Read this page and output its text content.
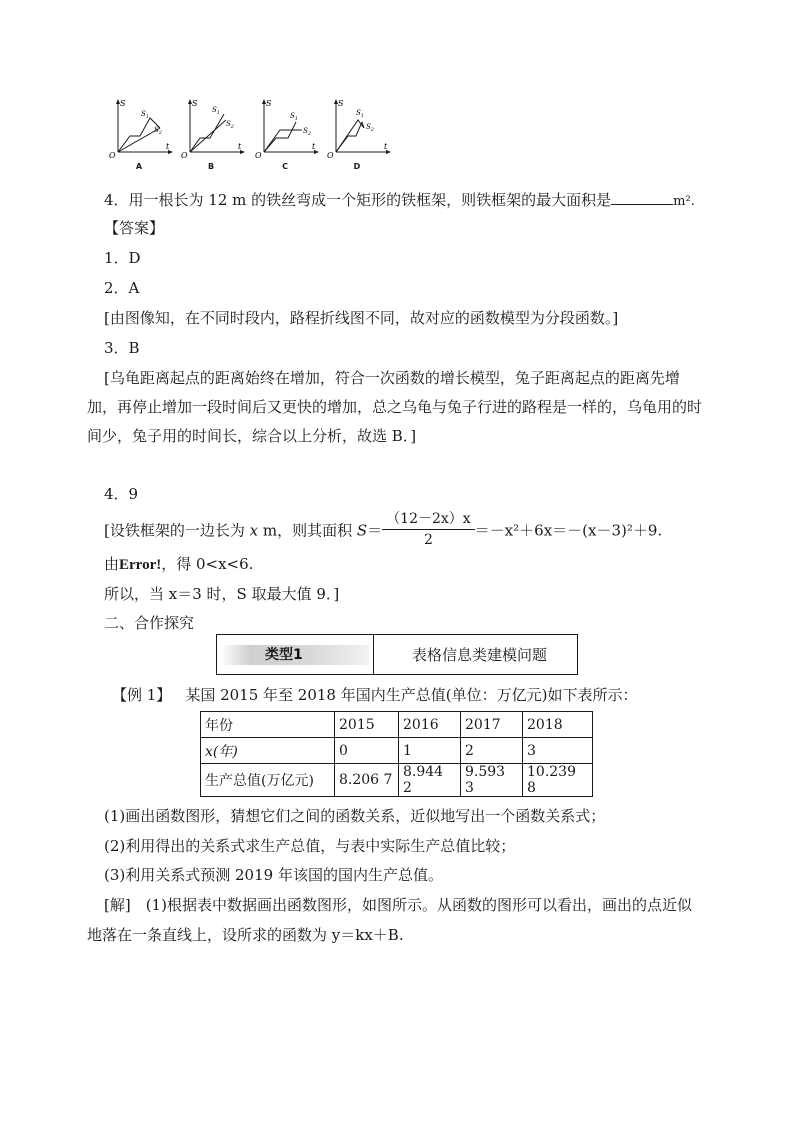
S
O
t
$S_1$
$S_2$
A
S
O
t
$S_1$
$S_2$
B
S
O
t
$S_1$
$S_2$
C
S
O
t
$S_1$
$S_2$
D
4．用一根长为 12 m 的铁丝弯成一个矩形的铁框架，则铁框架的最大面积是	m².
【答案】
1．D
2．A
[由图像知，在不同时段内，路程折线图不同，故对应的函数模型为分段函数。]
3．B
[乌龟距离起点的距离始终在增加，符合一次函数的增长模型，兔子距离起点的距离先增
加，再停止增加一段时间后又更快的增加，总之乌龟与兔子行进的路程是一样的，乌龟用的时
间少，兔子用的时间长，综合以上分析，故选 B．]
4．9
[设铁框架的一边长为 x m，则其面积 $S= \frac{(12-2x)x}{2} =-x^2+6x=-(x-3)^2+9$.
由Error!，得 0<x<6.
所以，当 x＝3 时，S 取最大值 9．]
二、合作探究
类型1	表格信息类建模问题
【例 1】 某国 2015 年至 2018 年国内生产总值(单位：万亿元)如下表所示：
年份	2015	2016	2017	2018
x(年)	0	1	2	3
生产总值(万亿元)	8.206 7	8.944 2	9.593 3	10.239 8
(1)画出函数图形，猜想它们之间的函数关系，近似地写出一个函数关系式；
(2)利用得出的关系式求生产总值，与表中实际生产总值比较；
(3)利用关系式预测 2019 年该国的国内生产总值。
[解]　(1)根据表中数据画出函数图形，如图所示。从函数的图形可以看出，画出的点近似
地落在一条直线上，设所求的函数为 y＝kx＋B.
